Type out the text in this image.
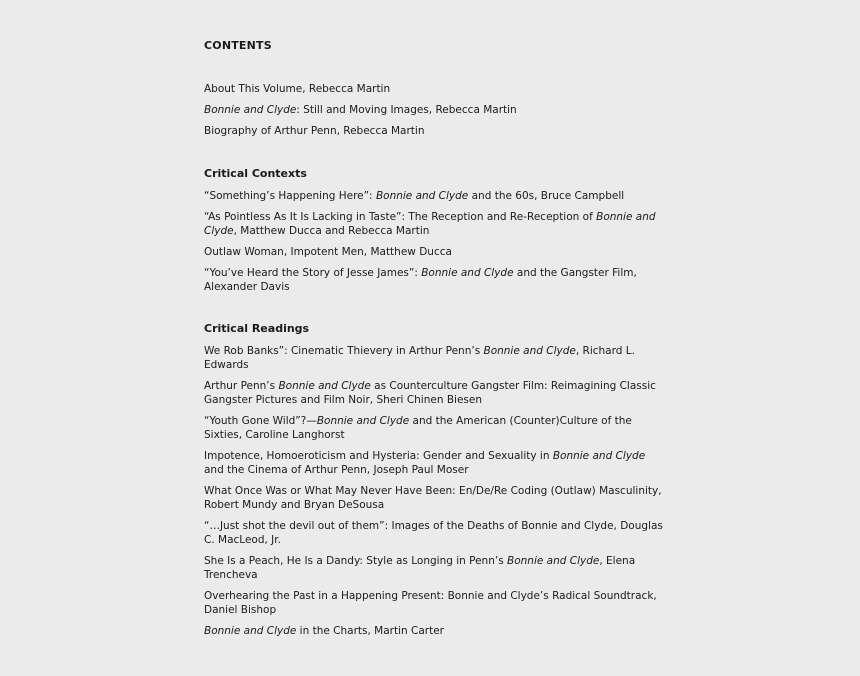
CONTENTS
About This Volume, Rebecca Martin
Bonnie and Clyde: Still and Moving Images, Rebecca Martin
Biography of Arthur Penn, Rebecca Martin
Critical Contexts
“Something’s Happening Here”: Bonnie and Clyde and the 60s, Bruce Campbell
“As Pointless As It Is Lacking in Taste”: The Reception and Re-Reception of Bonnie and Clyde, Matthew Ducca and Rebecca Martin
Outlaw Woman, Impotent Men, Matthew Ducca
“You’ve Heard the Story of Jesse James”: Bonnie and Clyde and the Gangster Film, Alexander Davis
Critical Readings
We Rob Banks”: Cinematic Thievery in Arthur Penn’s Bonnie and Clyde, Richard L. Edwards
Arthur Penn’s Bonnie and Clyde as Counterculture Gangster Film: Reimagining Classic Gangster Pictures and Film Noir, Sheri Chinen Biesen
“Youth Gone Wild”?—Bonnie and Clyde and the American (Counter)Culture of the Sixties, Caroline Langhorst
Impotence, Homoeroticism and Hysteria: Gender and Sexuality in Bonnie and Clyde and the Cinema of Arthur Penn, Joseph Paul Moser
What Once Was or What May Never Have Been: En/De/Re Coding (Outlaw) Masculinity, Robert Mundy and Bryan DeSousa
“…Just shot the devil out of them”: Images of the Deaths of Bonnie and Clyde, Douglas C. MacLeod, Jr.
She Is a Peach, He Is a Dandy: Style as Longing in Penn’s Bonnie and Clyde, Elena Trencheva
Overhearing the Past in a Happening Present: Bonnie and Clyde’s Radical Soundtrack, Daniel Bishop
Bonnie and Clyde in the Charts, Martin Carter
